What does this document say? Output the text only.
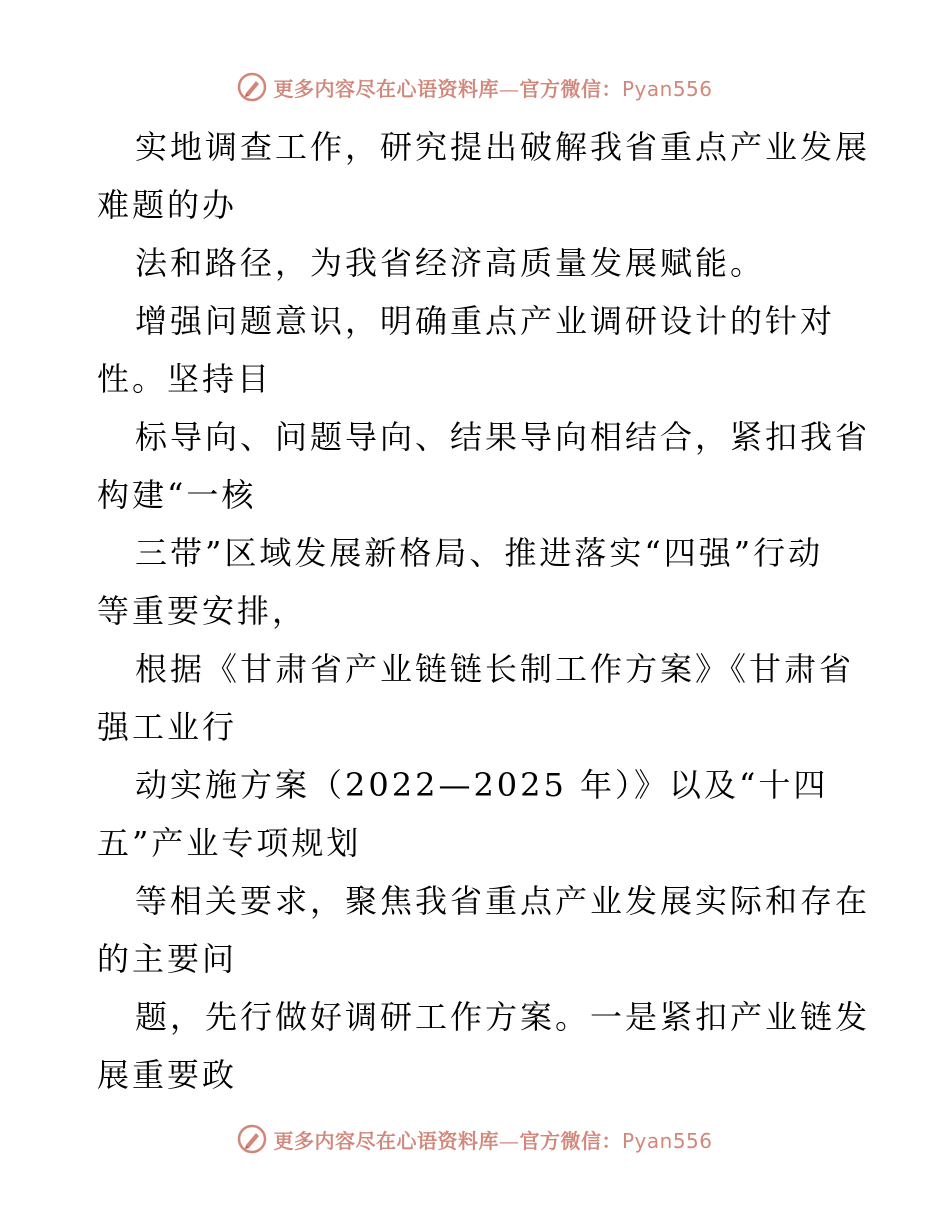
更多内容尽在心语资料库—官方微信：Pyan556
实地调查工作，研究提出破解我省重点产业发展
难题的办
法和路径，为我省经济高质量发展赋能。
增强问题意识，明确重点产业调研设计的针对
性。坚持目
标导向、问题导向、结果导向相结合，紧扣我省
构建“一核
三带”区域发展新格局、推进落实“四强”行动
等重要安排，
根据《甘肃省产业链链长制工作方案》《甘肃省
强工业行
动实施方案（2022—2025 年）》以及“十四
五”产业专项规划
等相关要求，聚焦我省重点产业发展实际和存在
的主要问
题，先行做好调研工作方案。一是紧扣产业链发
展重要政
更多内容尽在心语资料库—官方微信：Pyan556
